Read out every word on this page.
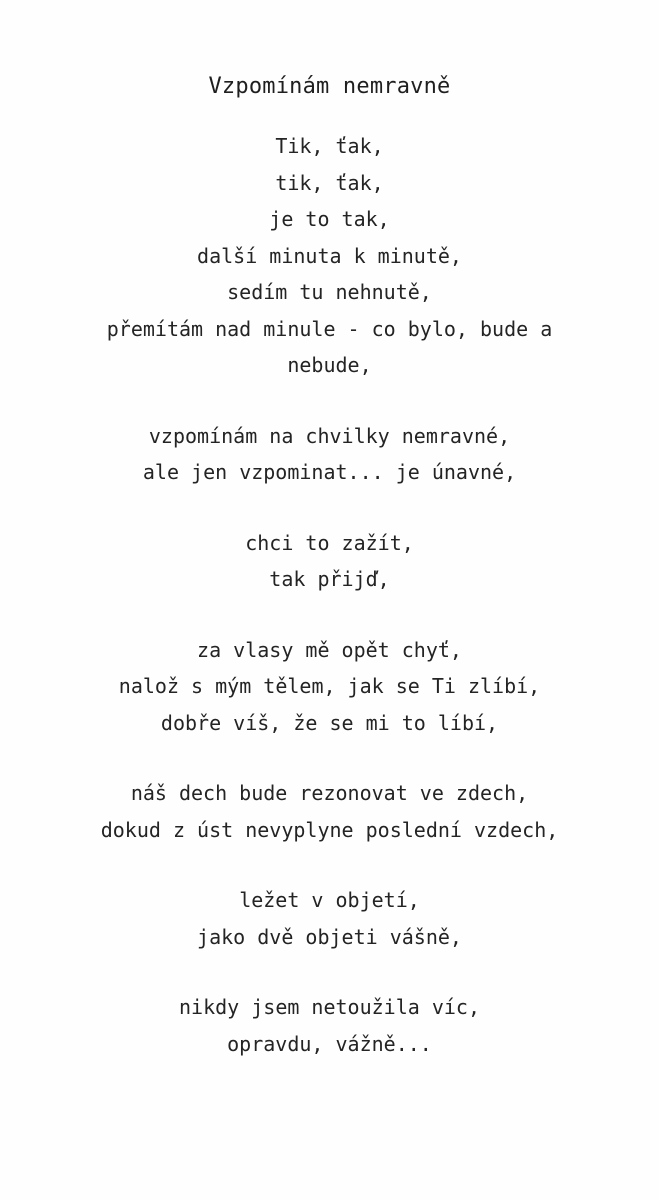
Vzpomínám nemravně
Tik, ťak,
tik, ťak,
je to tak,
další minuta k minutě,
sedím tu nehnutě,
přemítám nad minule - co bylo, bude a
nebude,
vzpomínám na chvilky nemravné,
ale jen vzpominat... je únavné,
chci to zažít,
tak přijď,
za vlasy mě opět chyť,
nalož s mým tělem, jak se Ti zlíbí,
dobře víš, že se mi to líbí,
náš dech bude rezonovat ve zdech,
dokud z úst nevyplyne poslední vzdech,
ležet v objetí,
jako dvě objeti vášně,
nikdy jsem netoužila víc,
opravdu, vážně...
